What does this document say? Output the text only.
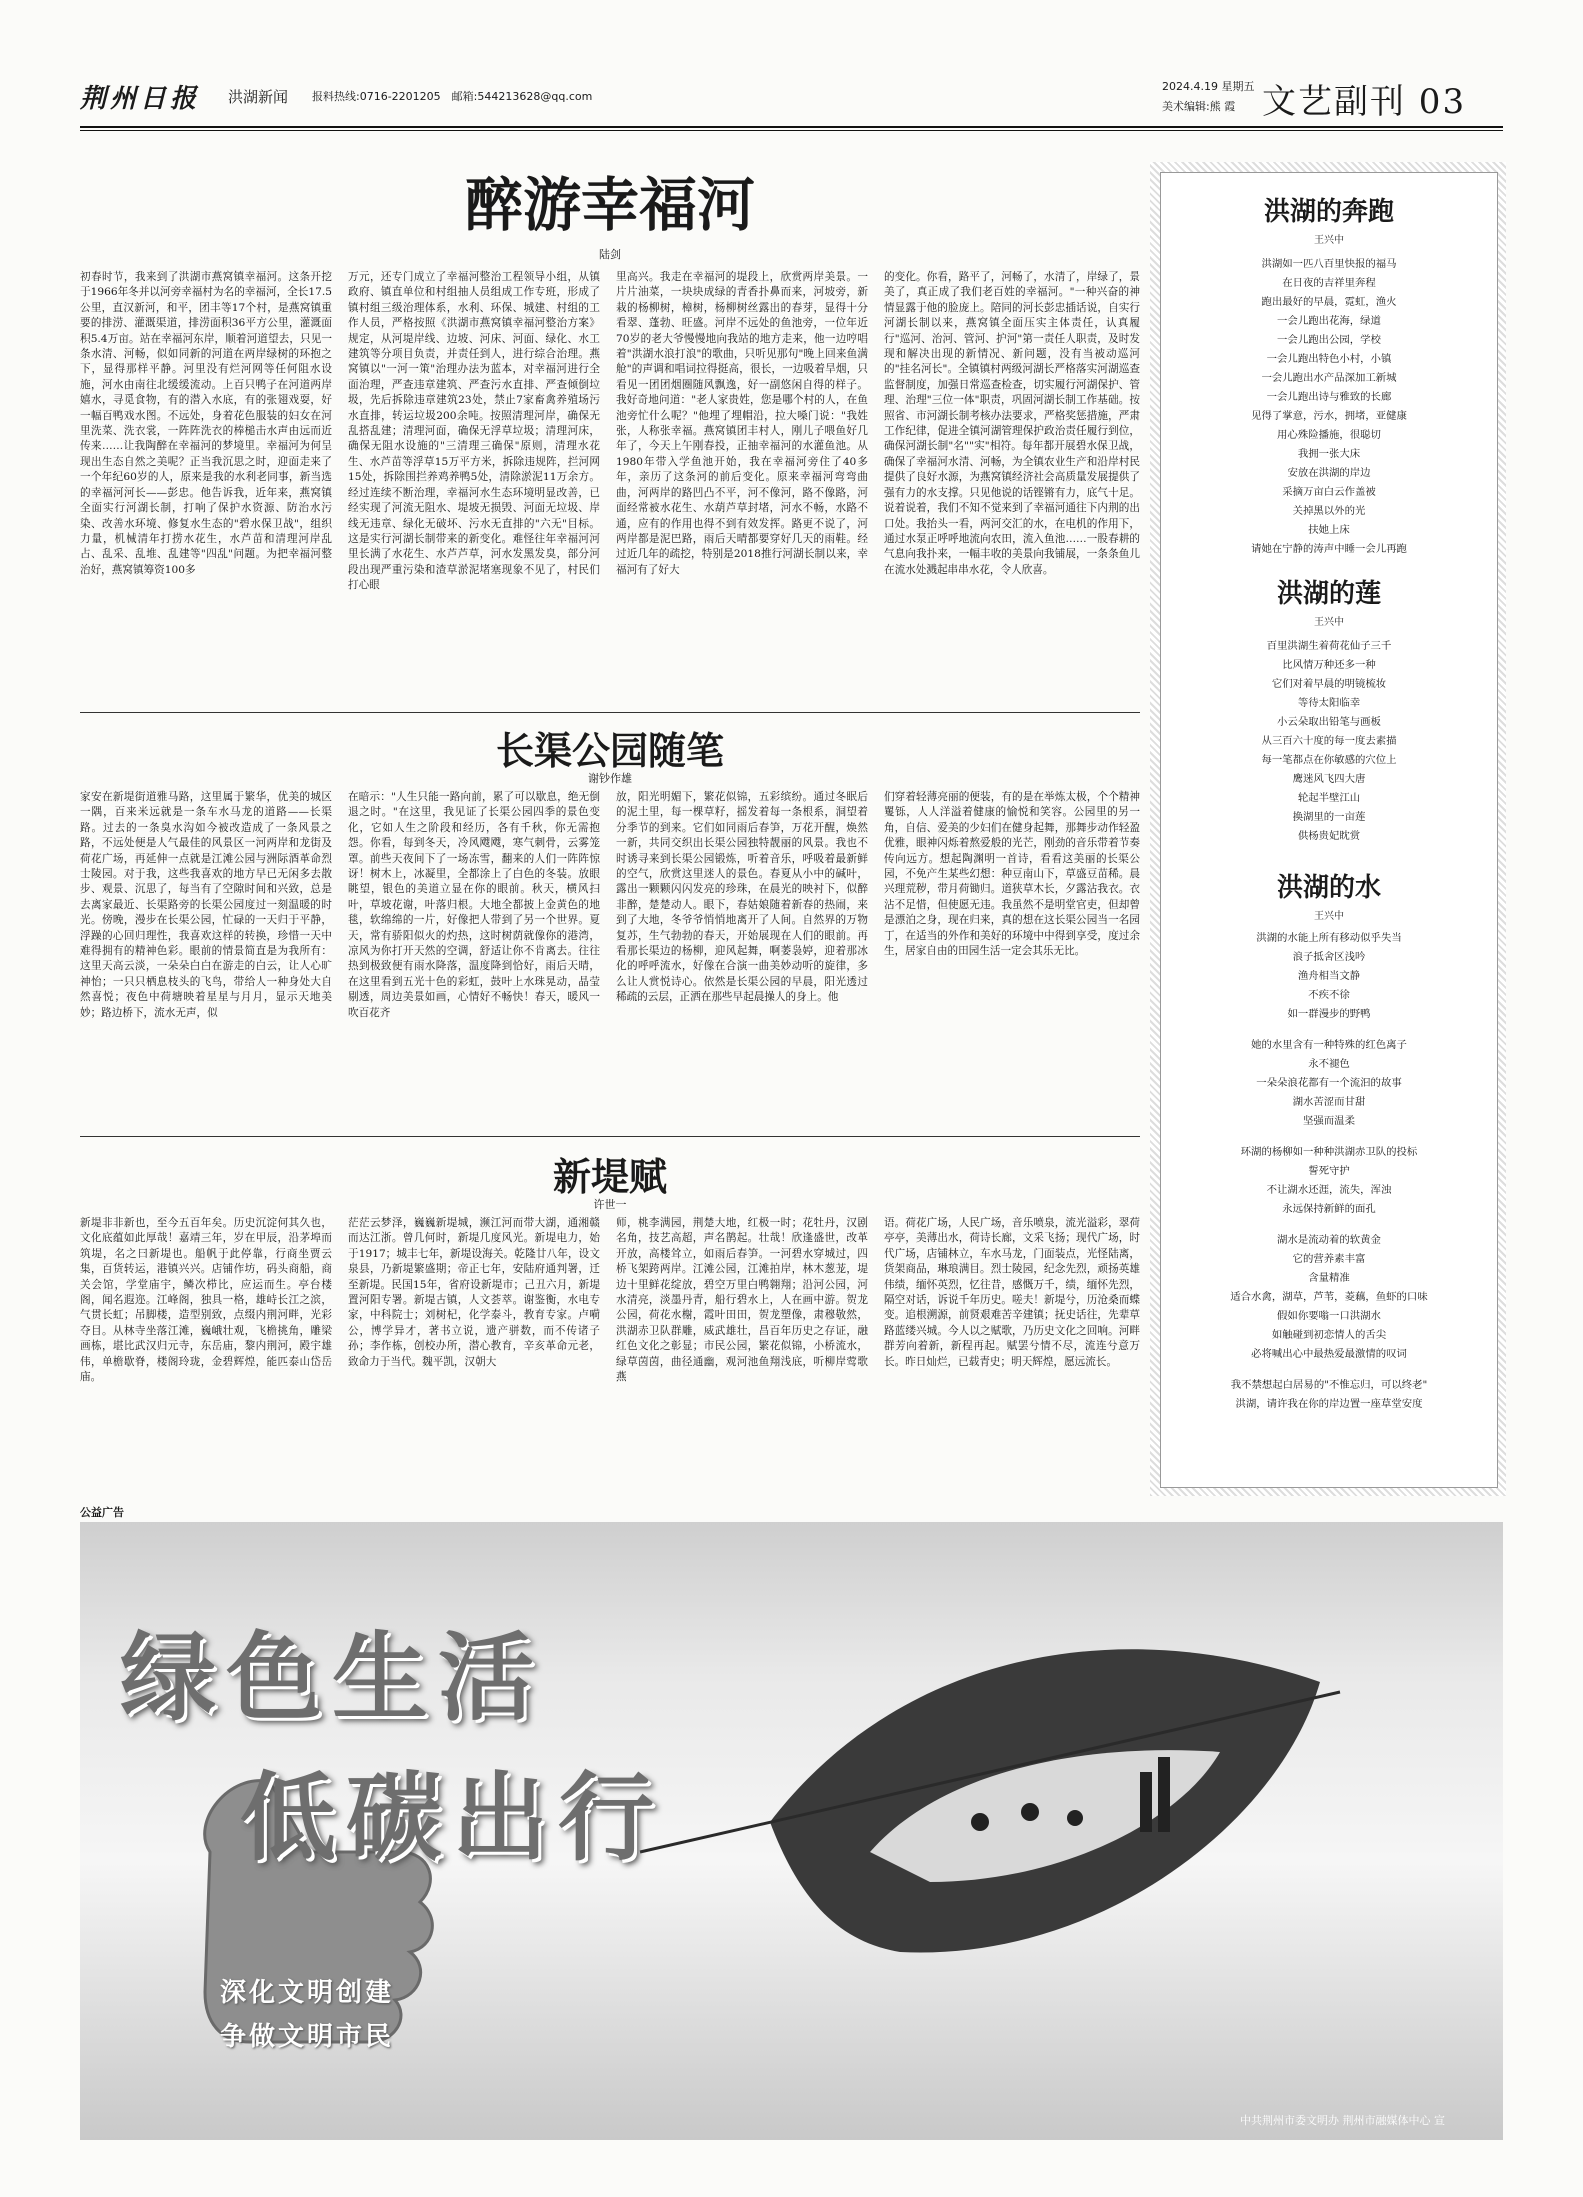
荆州日报 洪湖新闻 报料热线:0716-2201205　邮箱:544213628@qq.com
2024.4.19 星期五
美术编辑:熊 霞 文艺副刊 03
醉游幸福河
陆剑
初春时节，我来到了洪湖市燕窝镇幸福河。这条开挖于1966年冬并以河旁幸福村为名的幸福河，全长17.5公里，直汉新河，和平，团丰等17个村，是燕窝镇重要的排涝、灌溉渠道，排涝面积36平方公里，灌溉面积5.4万亩。站在幸福河东岸，顺着河道望去，只见一条水清、河畅，似如同新的河道在两岸绿树的环抱之下，显得那样平静。河里没有烂河网等任何阻水设施，河水由南往北缓缓流动。上百只鸭子在河道两岸嬉水，寻觅食物，有的潜入水底，有的张翅戏耍，好一幅百鸭戏水图。不远处，身着花色服装的妇女在河里洗菜、洗衣裳，一阵阵洗衣的棒槌击水声由远而近传来……让我陶醉在幸福河的梦境里。幸福河为何呈现出生态自然之美呢？正当我沉思之时，迎面走来了一个年纪60岁的人，原来是我的水利老同事，新当选的幸福河河长——彭忠。他告诉我，近年来，燕窝镇全面实行河湖长制，打响了保护水资源、防治水污染、改善水环境、修复水生态的"碧水保卫战"，组织力量，机械清年打捞水花生，水芦苗和清理河岸乱占、乱采、乱堆、乱建等"四乱"问题。为把幸福河整治好，燕窝镇筹资100多
万元，还专门成立了幸福河整治工程领导小组，从镇政府、镇直单位和村组抽人员组成工作专班，形成了镇村组三级治理体系，水利、环保、城建、村组的工作人员，严格按照《洪湖市燕窝镇幸福河整治方案》规定，从河堤岸线、边坡、河床、河面、绿化、水工建筑等分项目负责，并责任到人，进行综合治理。燕窝镇以"一河一策"治理办法为蓝本，对幸福河进行全面治理，严查违章建筑、严查污水直排、严查倾倒垃圾，先后拆除违章建筑23处，禁止7家畜禽养殖场污水直排，转运垃圾200余吨。按照清理河岸，确保无乱搭乱建；清理河面，确保无浮草垃圾；清理河床，确保无阻水设施的"三清理三确保"原则，清理水花生、水芦苗等浮草15万平方米，拆除违规阵，拦河网15处，拆除围拦养鸡养鸭5处，清除淤泥11万余方。经过连续不断治理，幸福河水生态环境明显改善，已经实现了河流无阻水、堤坡无损毁、河面无垃圾、岸线无违章、绿化无破坏、污水无直排的"六无"目标。这是实行河湖长制带来的新变化。难怪往年幸福河河里长满了水花生、水芦芦草，河水发黑发臭，部分河段出现严重污染和渣草淤泥堵塞现象不见了，村民们打心眼
里高兴。我走在幸福河的堤段上，欣赏两岸美景。一片片油菜，一块块成绿的青香扑鼻而来，河坡旁，新栽的杨柳树，樟树，杨柳树丝露出的春芽，显得十分看翠、蓬勃、旺盛。河岸不远处的鱼池旁，一位年近70岁的老大爷慢慢地向我站的地方走来，他一边哼唱着"洪湖水浪打浪"的歌曲，只听见那句"晚上回来鱼满舱"的声调和唱词拉得挺高，很长，一边吸着旱烟，只看见一团团烟圈随风飘逸，好一副悠闲自得的样子。我好奇地问道："老人家贵姓，您是哪个村的人，在鱼池旁忙什么呢？"他埋了埋帽沿，拉大嗓门说："我姓张，人称张幸福。燕窝镇团丰村人，刚儿子喂鱼好几年了，今天上午刚春投，正抽幸福河的水灌鱼池。从1980年带入学鱼池开始，我在幸福河旁住了40多年，亲历了这条河的前后变化。原来幸福河弯弯曲曲，河两岸的路凹凸不平，河不像河，路不像路，河面经常被水花生、水葫芦草封堵，河水不畅，水路不通，应有的作用也得不到有效发挥。路更不说了，河两岸都是泥巴路，雨后天晴都要穿好几天的雨鞋。经过近几年的疏挖，特别是2018推行河湖长制以来，幸福河有了好大
的变化。你看，路平了，河畅了，水清了，岸绿了，景美了，真正成了我们老百姓的幸福河。"一种兴奋的神情显露于他的脸庞上。陪同的河长彭忠插话说，自实行河湖长制以来，燕窝镇全面压实主体责任，认真履行"巡河、治河、管河、护河"第一责任人职责，及时发现和解决出现的新情况、新问题，没有当被动巡河的"挂名河长"。全镇镇村两级河湖长严格落实河湖巡查监督制度，加强日常巡查检查，切实履行河湖保护、管理、治理"三位一体"职责，巩固河湖长制工作基础。按照省、市河湖长制考核办法要求，严格奖惩措施，严肃工作纪律，促进全镇河湖管理保护政治责任履行到位，确保河湖长制"名""实"相符。每年都开展碧水保卫战，确保了幸福河水清、河畅，为全镇农业生产和沿岸村民提供了良好水源，为燕窝镇经济社会高质量发展提供了强有力的水支撑。只见他说的话铿锵有力，底气十足。说着说着，我们不知不觉来到了幸福河通往下内荆的出口处。我抬头一看，两河交汇的水，在电机的作用下，通过水泵正呼呼地流向农田，流入鱼池……一股春耕的气息向我扑来，一幅丰收的美景向我铺展，一条条鱼儿在流水处溅起串串水花，令人欣喜。
长渠公园随笔
谢钞作雄
家安在新堤街道雅马路，这里属于繁华，优美的城区一隅，百来米远就是一条车水马龙的道路——长渠路。过去的一条臭水沟如今被改造成了一条风景之路，不远处便是人气最佳的风景区一河两岸和龙街及荷花广场，再延伸一点就是江滩公园与洲际酒革命烈士陵园。对于我，这些我喜欢的地方早已无闲多去散步、观景、沉思了，每当有了空隙时间和兴致，总是去离家最近、长渠路旁的长渠公园度过一刻温暖的时光。傍晚，漫步在长渠公园，忙碌的一天归于平静，浮躁的心回归理性，我喜欢这样的转换，珍惜一天中难得拥有的精神色彩。眼前的情景简直是为我所有：这里天高云淡，一朵朵白白在游走的白云，让人心旷神怡；一只只栖息枝头的飞鸟，带给人一种身处大自然喜悦；夜色中荷塘映着星星与月月，显示天地美妙；路边桥下，流水无声，似
在暗示："人生只能一路向前，累了可以歇息，绝无倒退之时。"在这里，我见证了长渠公园四季的景色变化，它如人生之阶段和经历，各有千秋，你无需抱怨。你看，每到冬天，冷风飕飕，寒气刺骨，云雾笼罩。前些天夜间下了一场冻雪，翻来的人们一阵阵惊讶！树木上，冰凝里，全都涂上了白色的冬装。放眼眺望，银色的美道立显在你的眼前。秋天，横风扫叶，草坡花谢，叶落归根。大地全都披上金黄色的地毯，软绵绵的一片，好像把人带到了另一个世界。夏天，常有骄阳似火的灼热，这时树荫就像你的港湾，凉风为你打开天然的空调，舒适让你不肯离去。往往热到极致便有雨水降落，温度降到恰好，雨后天晴，在这里看到五光十色的彩虹，鼓叶上水珠晃动，晶莹剔透，周边美景如画，心情好不畅快！春天，暖风一吹百花齐
放，阳光明媚下，繁花似锦，五彩缤纷。通过冬眠后的泥土里，每一棵草籽，摇发着每一条根系，洞望着分季节的到来。它们如同雨后春笋，万花开醒，焕然一新，共同交织出长渠公园独特靓丽的风景。我也不时诱寻来到长渠公园锻炼，听着音乐，呼吸着最新鲜的空气，欣赏这里迷人的景色。春夏从小中的碱叶，露出一颗颗闪闪发亮的珍珠，在晨光的映衬下，似醉非醉，楚楚动人。眼下，春姑娘随着新春的热闹，来到了大地，冬爷爷悄悄地离开了人间。自然界的万物复苏，生气勃勃的春天，开始展现在人们的眼前。再看那长渠边的杨柳，迎风起舞，啊萎袅婷，迎着那冰化的呼呼流水，好像在合演一曲美妙动听的旋律，多么让人赏悦诗心。依然是长渠公园的早晨，阳光透过稀疏的云层，正洒在那些早起晨操人的身上。他
们穿着轻薄亮丽的便装，有的是在举炼太极，个个精神矍铄，人人洋溢着健康的愉悦和笑容。公园里的另一角，自信、爱美的少妇们在健身起舞，那舞步动作轻盈优雅，眼神闪烁着熬爱般的光芒，刚劲的音乐带着节奏传向远方。想起陶渊明一首诗，看看这美丽的长渠公园，不免产生某些幻想：种豆南山下，草盛豆苗稀。晨兴理荒秽，带月荷锄归。道狭草木长，夕露沾我衣。衣沾不足惜，但使愿无违。我虽然不是明堂官吏，但却曾是漂泊之身，现在归来，真的想在这长渠公园当一名园丁，在适当的外作和美好的环境中中得到享受，度过余生，居家自由的田园生活一定会其乐无比。
新堤赋
许世一
新堤非非新也，至今五百年矣。历史沉淀何其久也，文化底蕴如此厚哉！嘉靖三年，岁在甲辰，沿茅埠而筑堤，名之曰新堤也。船帆于此停靠，行商坐贾云集，百货转运，港镇兴兴。店铺作坊，码头商船，商关会馆，学堂庙宇，鳞次栉比，应运而生。亭台楼阁，闻名遐迩。江峰阁，独具一格，雄峙长江之滨，气贯长虹；吊脚楼，造型别致，点缀内荆河畔，光彩夺目。从林寺坐落江滩，巍峨壮观，飞檐挑角，雕梁画栋，堪比武汉归元寺，东岳庙，黎内荆河，殿宇雄伟，单檐歇脊，楼阁玲珑，金碧辉煌，能匹泰山岱岳庙。
茫茫云梦泽，巍巍新堤城，濒江河而带大湖，通湘赣而达江浙。曾几何时，新堤几度风光。新堤电力，始于1917；城丰七年，新堤设海关。乾隆廿八年，设文泉县，乃新堤繁盛期；帝正七年，安陆府通判署，迁至新堤。民国15年，省府设新堤市；己丑六月，新堤置河阳专署。新堤古镇，人文荟萃。谢鉴衡，水电专家，中科院士；刘树杞，化学泰斗，教育专家。卢嗬公，博学异才，著书立说，遗产骈数，而不传诸子孙；李作栋，创校办所，潜心教育，辛亥革命元老，致命力于当代。魏平凯，汉朝大
师，桃李满园，荆楚大地，红极一时；花牡丹，汉剧名角，技艺高超，声名鹊起。壮哉！欣逢盛世，改革开放，高楼耸立，如雨后春笋。一河碧水穿城过，四桥飞架跨两岸。江滩公园，江滩拍岸，林木葱茏，堤边十里鲜花绽放，碧空万里白鸭翱翔；沿河公园，河水清亮，淡墨丹青，船行碧水上，人在画中游。贺龙公园，荷花水榭，霞叶田田，贺龙塑像，肃穆敬然，洪湖赤卫队群雕，威武雄壮，昌百年历史之存证，融红色文化之彰显；市民公园，繁花似锦，小桥流水，绿草茵茵，曲径通幽，观河池鱼翔浅底，听柳岸莺歌燕
语。荷花广场，人民广场，音乐喷泉，流光溢彩，翠荷亭亭，美薄出水，荷诗长廊，文采飞扬；现代广场，时代广场，店铺林立，车水马龙，门面装点，光怪陆离，货架商品，琳琅满目。烈士陵园，纪念先烈，顽扬英雄伟绩，缅怀英烈，忆往昔，感慨万千，绩，缅怀先烈，隔空对话，诉说千年历史。嗟夫！新堤兮，历沧桑而蝶变。追根溯源，前贤艰难苦辛建镇；抚史话往，先辈草路蓝缕兴城。今人以之赋歌，乃历史文化之回响。河畔群芳向着新，新程再起。赋罢兮情不尽，流连兮意万长。昨日灿烂，已载青史；明天辉煌，愿远流长。
洪湖的奔跑
王兴中
洪湖如一匹八百里快报的福马
在日夜的吉祥里奔程
跑出最好的早晨，霓虹，渔火
一会儿跑出花海，绿道
一会儿跑出公园，学校
一会儿跑出特色小村，小镇
一会儿跑出水产品深加工新城
一会儿跑出诗与雅致的长廊
见得了掌意，污水，拥堵，亚健康
用心殊险播施，很聪切
我拥一张大床
安放在洪湖的岸边
采摘万亩白云作盖被
关掉黑以外的光
扶她上床
请她在宁静的涛声中睡一会儿再跑
洪湖的莲
王兴中
百里洪湖生着荷花仙子三千
比风情万种还多一种
它们对着早晨的明镜梳妆
等待太阳临幸
小云朵取出铅笔与画板
从三百六十度的每一度去素描
每一笔都点在你敏感的穴位上
鹰迷风飞四大唐
轮起半壁江山
换湖里的一亩莲
供杨贵妃眈赏
洪湖的水
王兴中
洪湖的水能上所有移动似乎失当
浪子抵舍区浅吟
渔舟相当文静
不疾不徐
如一群漫步的野鸭
她的水里含有一种特殊的红色离子
永不褪色
一朵朵浪花都有一个流汩的故事
湖水苦涩而甘甜
坚强而温柔
环湖的杨柳如一种种洪湖赤卫队的投标
誓死守护
不让湖水还涯，流失，浑浊
永远保持新鲜的面孔
湖水是流动着的软黄金
它的营养素丰富
含量精准
适合水禽，湖草，芦苇，菱藕，鱼虾的口味
假如你要嗡一口洪湖水
如触碰到初恋情人的舌尖
必将喊出心中最热爱最激情的叹词
我不禁想起白居易的"不惟忘归，可以终老"
洪湖，请许我在你的岸边置一座草堂安度
公益广告
绿色生活
低碳出行
深化文明创建
争做文明市民
中共荆州市委文明办 荆州市融媒体中心 宣
